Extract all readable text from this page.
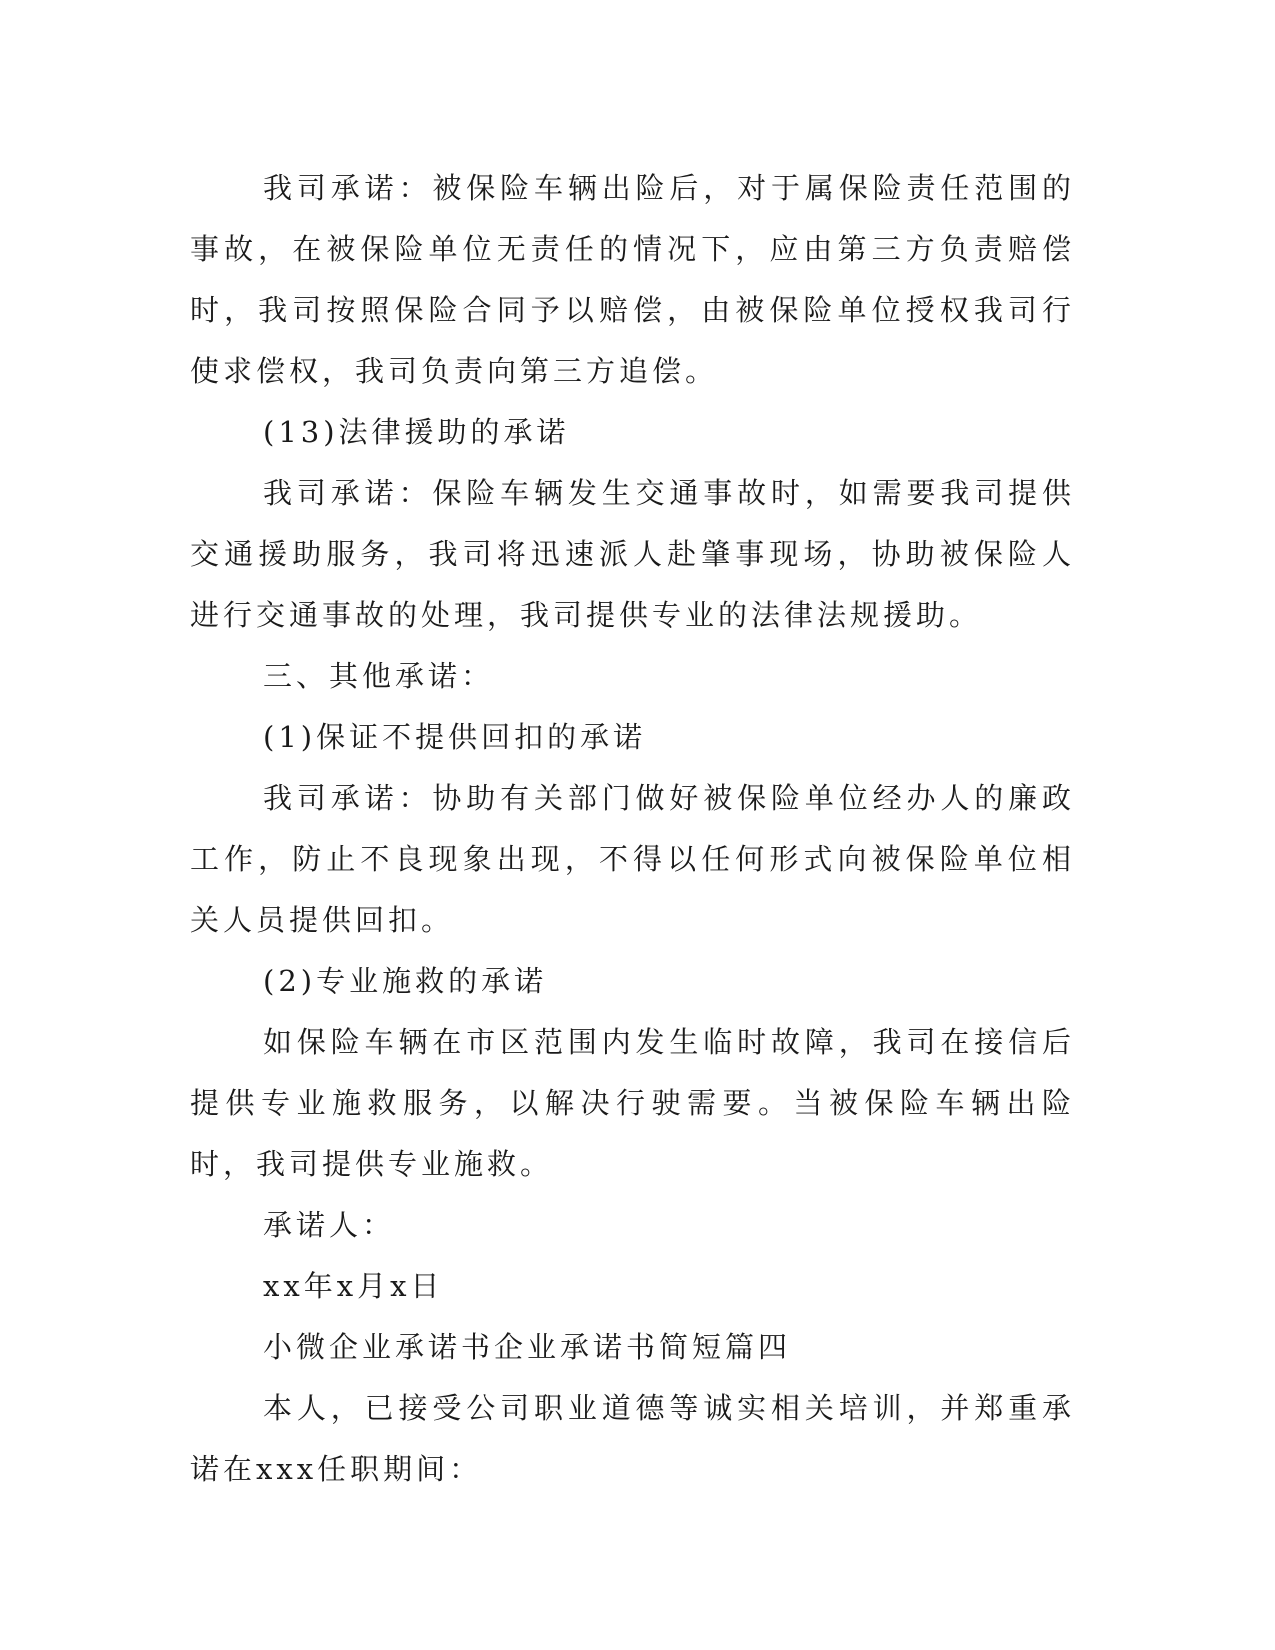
我司承诺：被保险车辆出险后，对于属保险责任范围的事故，在被保险单位无责任的情况下，应由第三方负责赔偿时，我司按照保险合同予以赔偿，由被保险单位授权我司行使求偿权，我司负责向第三方追偿。

(13)法律援助的承诺

我司承诺：保险车辆发生交通事故时，如需要我司提供交通援助服务，我司将迅速派人赴肇事现场，协助被保险人进行交通事故的处理，我司提供专业的法律法规援助。

三、其他承诺：

(1)保证不提供回扣的承诺

我司承诺：协助有关部门做好被保险单位经办人的廉政工作，防止不良现象出现，不得以任何形式向被保险单位相关人员提供回扣。

(2)专业施救的承诺

如保险车辆在市区范围内发生临时故障，我司在接信后提供专业施救服务，以解决行驶需要。当被保险车辆出险时，我司提供专业施救。

承诺人：

xx年x月x日

小微企业承诺书企业承诺书简短篇四

本人，已接受公司职业道德等诚实相关培训，并郑重承诺在xxx任职期间：
